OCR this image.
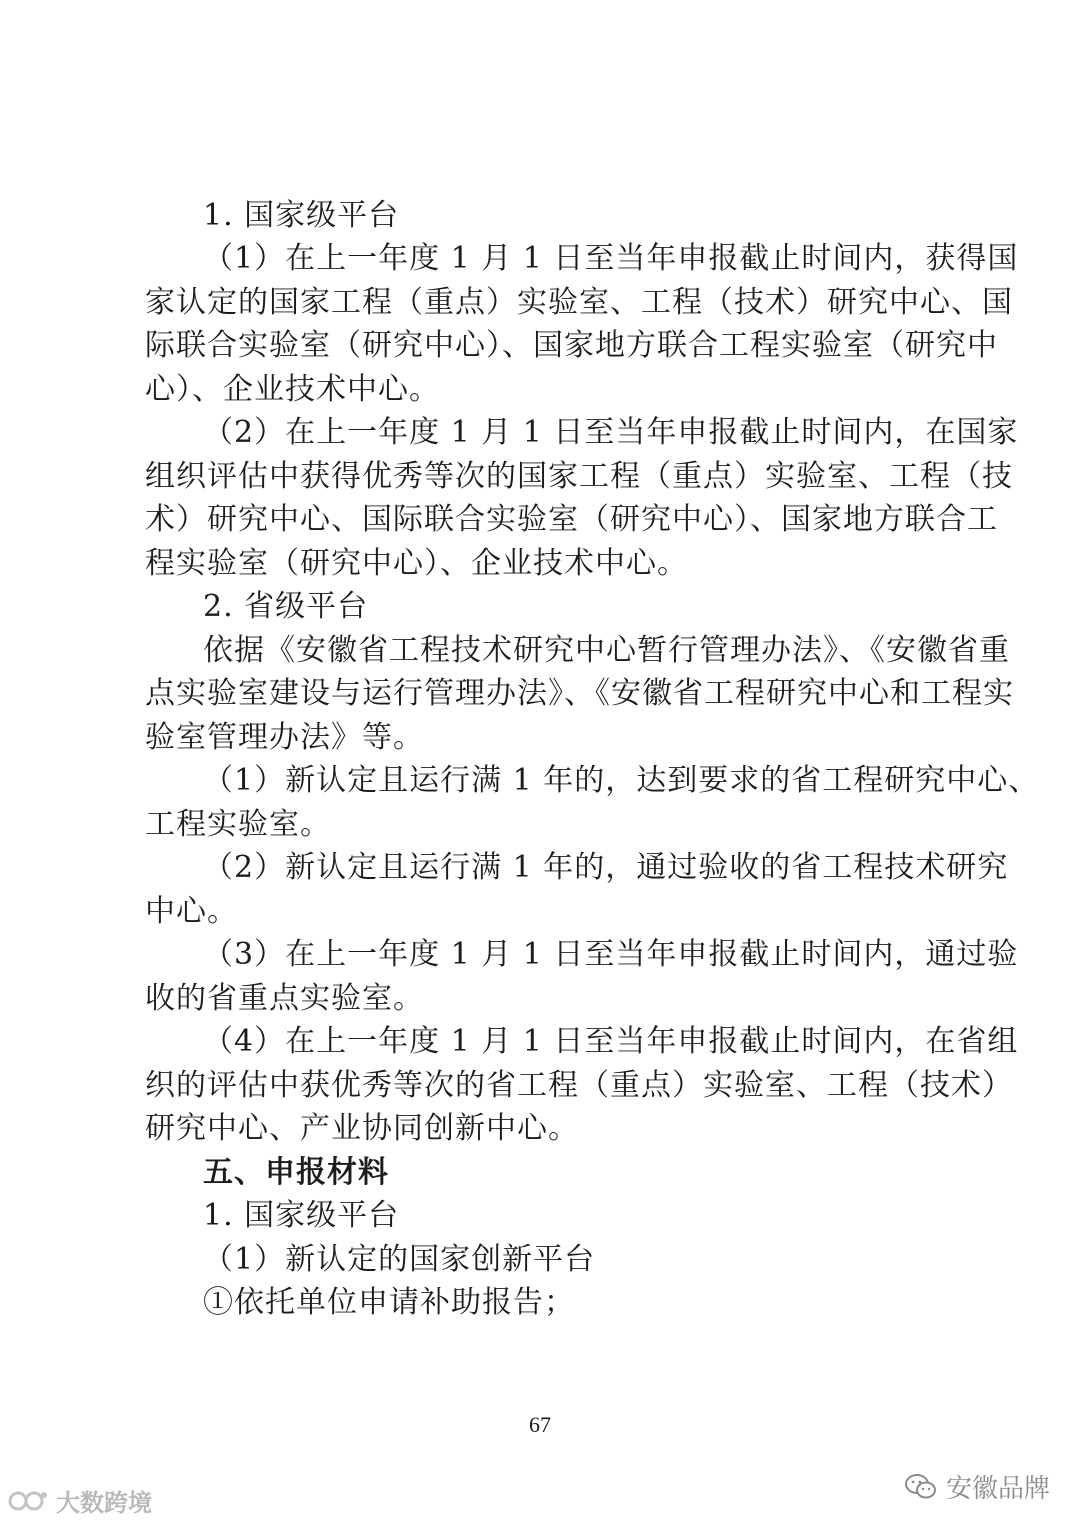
1. 国家级平台
（1）在上一年度 1 月 1 日至当年申报截止时间内，获得国
家认定的国家工程（重点）实验室、工程（技术）研究中心、国
际联合实验室（研究中心）、国家地方联合工程实验室（研究中
心）、企业技术中心。
（2）在上一年度 1 月 1 日至当年申报截止时间内，在国家
组织评估中获得优秀等次的国家工程（重点）实验室、工程（技
术）研究中心、国际联合实验室（研究中心）、国家地方联合工
程实验室（研究中心）、企业技术中心。
2. 省级平台
依据《安徽省工程技术研究中心暂行管理办法》、《安徽省重
点实验室建设与运行管理办法》、《安徽省工程研究中心和工程实
验室管理办法》等。
（1）新认定且运行满 1 年的，达到要求的省工程研究中心、
工程实验室。
（2）新认定且运行满 1 年的，通过验收的省工程技术研究
中心。
（3）在上一年度 1 月 1 日至当年申报截止时间内，通过验
收的省重点实验室。
（4）在上一年度 1 月 1 日至当年申报截止时间内，在省组
织的评估中获优秀等次的省工程（重点）实验室、工程（技术）
研究中心、产业协同创新中心。
五、申报材料
1. 国家级平台
（1）新认定的国家创新平台
①依托单位申请补助报告；
67
安徽品牌
大数跨境
